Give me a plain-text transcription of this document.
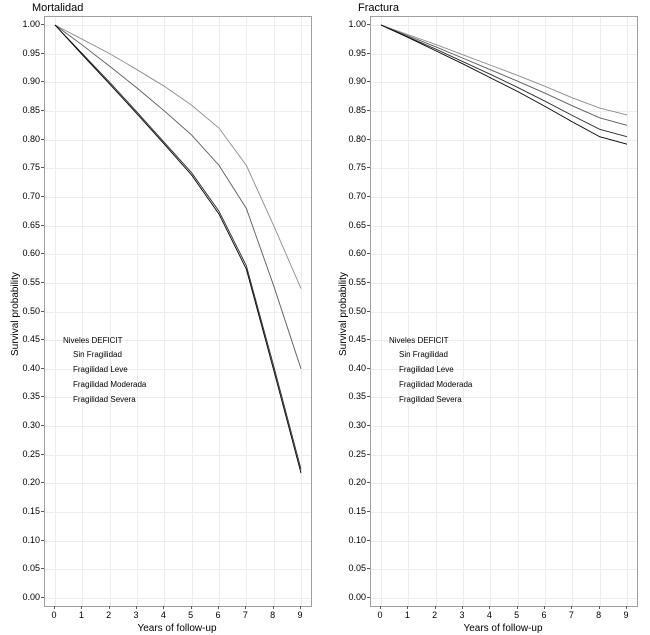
Mortalidad
Survival probability
Years of follow-up
Niveles DEFICIT
Sin Fragilidad
Fragilidad Leve
Fragilidad Moderada
Fragilidad Severa
Fractura
Survival probability
Years of follow-up
Niveles DEFICIT
Sin Fragilidad
Fragilidad Leve
Fragilidad Moderada
Fragilidad Severa
0.00
0.05
0.10
0.15
0.20
0.25
0.30
0.35
0.40
0.45
0.50
0.55
0.60
0.65
0.70
0.75
0.80
0.85
0.90
0.95
1.00
0 1 2 3 4 5 6 7 8 9
0.00
0.05
0.10
0.15
0.20
0.25
0.30
0.35
0.40
0.45
0.50
0.55
0.60
0.65
0.70
0.75
0.80
0.85
0.90
0.95
1.00
0 1 2 3 4 5 6 7 8 9
